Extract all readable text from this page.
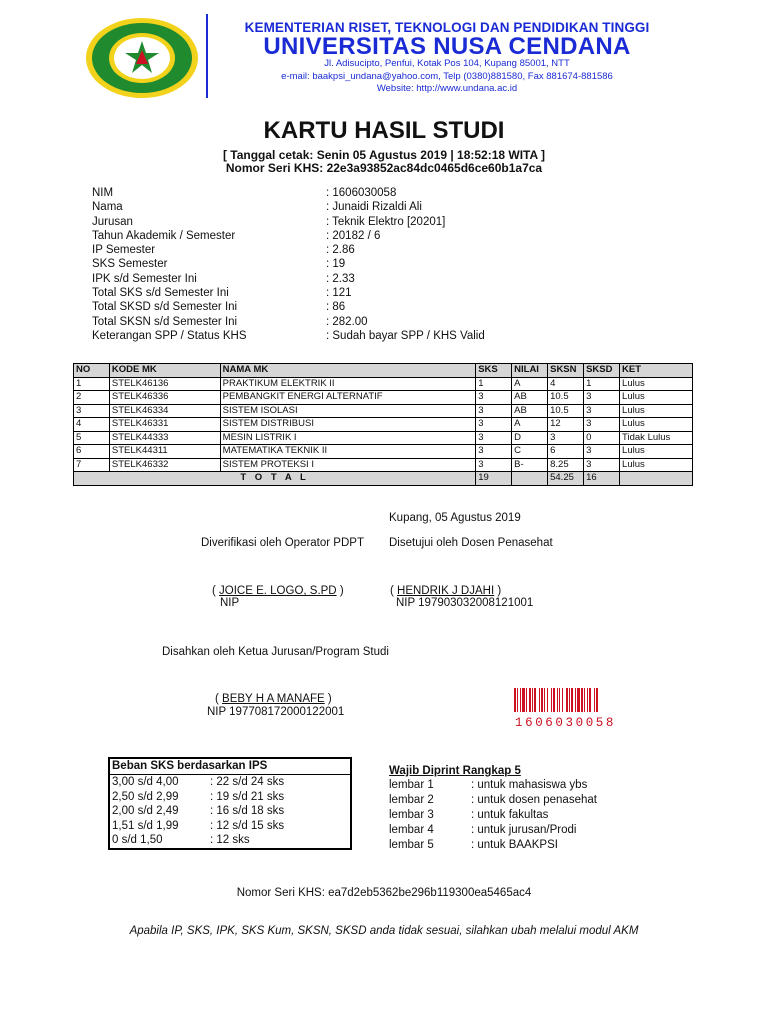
KEMENTERIAN RISET, TEKNOLOGI DAN PENDIDIKAN TINGGI
UNIVERSITAS NUSA CENDANA
Jl. Adisucipto, Penfui, Kotak Pos 104, Kupang 85001, NTT
e-mail: baakpsi_undana@yahoo.com, Telp (0380)881580, Fax 881674-881586
Website: http://www.undana.ac.id
KARTU HASIL STUDI
[ Tanggal cetak: Senin 05 Agustus 2019 | 18:52:18 WITA ]
Nomor Seri KHS: 22e3a93852ac84dc0465d6ce60b1a7ca
NIM	: 1606030058
Nama	: Junaidi Rizaldi Ali
Jurusan	: Teknik Elektro [20201]
Tahun Akademik / Semester	: 20182 / 6
IP Semester	: 2.86
SKS Semester	: 19
IPK s/d Semester Ini	: 2.33
Total SKS s/d Semester Ini	: 121
Total SKSD s/d Semester Ini	: 86
Total SKSN s/d Semester Ini	: 282.00
Keterangan SPP / Status KHS	: Sudah bayar SPP / KHS Valid
NO	KODE MK	NAMA MK	SKS	NILAI	SKSN	SKSD	KET
1	STELK46136	PRAKTIKUM ELEKTRIK II	1	A	4	1	Lulus
2	STELK46336	PEMBANGKIT ENERGI ALTERNATIF	3	AB	10.5	3	Lulus
3	STELK46334	SISTEM ISOLASI	3	AB	10.5	3	Lulus
4	STELK46331	SISTEM DISTRIBUSI	3	A	12	3	Lulus
5	STELK44333	MESIN LISTRIK I	3	D	3	0	Tidak Lulus
6	STELK44311	MATEMATIKA TEKNIK II	3	C	6	3	Lulus
7	STELK46332	SISTEM PROTEKSI I	3	B-	8.25	3	Lulus
T O T A L			19		54.25	16	
Kupang, 05 Agustus 2019
Diverifikasi oleh Operator PDPT Disetujui oleh Dosen Penasehat
( JOICE E. LOGO, S.PD )
NIP
( HENDRIK J DJAHI )
NIP 197903032008121001
Disahkan oleh Ketua Jurusan/Program Studi
( BEBY H A MANAFE )
NIP 197708172000122001
1606030058
Beban SKS berdasarkan IPS
3,00 s/d 4,00	: 22 s/d 24 sks
2,50 s/d 2,99	: 19 s/d 21 sks
2,00 s/d 2,49	: 16 s/d 18 sks
1,51 s/d 1,99	: 12 s/d 15 sks
0 s/d 1,50	: 12 sks
Wajib Diprint Rangkap 5
lembar 1	: untuk mahasiswa ybs
lembar 2	: untuk dosen penasehat
lembar 3	: untuk fakultas
lembar 4	: untuk jurusan/Prodi
lembar 5	: untuk BAAKPSI
Nomor Seri KHS: ea7d2eb5362be296b119300ea5465ac4
Apabila IP, SKS, IPK, SKS Kum, SKSN, SKSD anda tidak sesuai, silahkan ubah melalui modul AKM
